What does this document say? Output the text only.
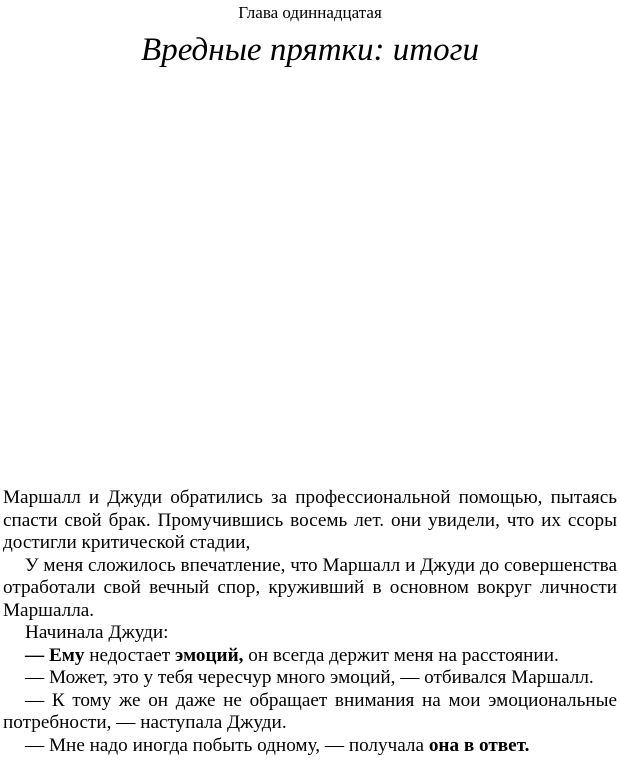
Глава одиннадцатая
Вредные прятки: итоги

Маршалл и Джуди обратились за профессиональной помощью, пытаясь спасти свой брак. Промучившись восемь лет. они увидели, что их ссоры достигли критической стадии,

У меня сложилось впечатление, что Маршалл и Джуди до совершенства отработали свой вечный спор, круживший в основном вокруг личности Маршалла.

Начинала Джуди:

— Ему недостает эмоций, он всегда держит меня на расстоянии.

— Может, это у тебя чересчур много эмоций, — отбивался Маршалл.

— К тому же он даже не обращает внимания на мои эмоциональные потребности, — наступала Джуди.

— Мне надо иногда побыть одному, — получала она в ответ.
